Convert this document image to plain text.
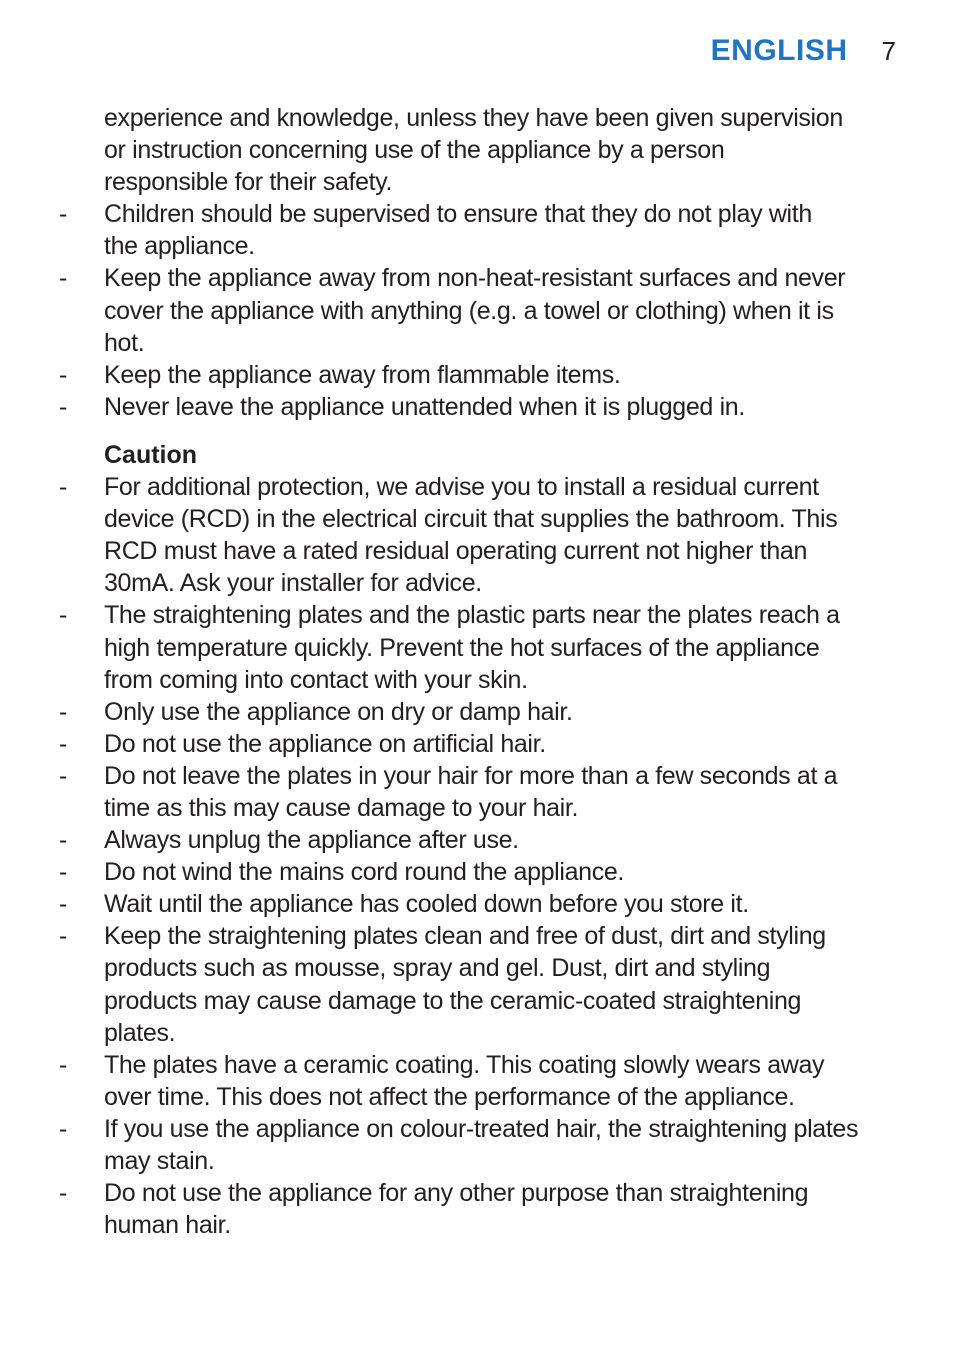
ENGLISH 7
experience and knowledge, unless they have been given supervision
or instruction concerning use of the appliance by a person
responsible for their safety.
- Children should be supervised to ensure that they do not play with
the appliance.
- Keep the appliance away from non-heat-resistant surfaces and never
cover the appliance with anything (e.g. a towel or clothing) when it is
hot.
- Keep the appliance away from flammable items.
- Never leave the appliance unattended when it is plugged in.
Caution
- For additional protection, we advise you to install a residual current
device (RCD) in the electrical circuit that supplies the bathroom. This
RCD must have a rated residual operating current not higher than
30mA. Ask your installer for advice.
- The straightening plates and the plastic parts near the plates reach a
high temperature quickly. Prevent the hot surfaces of the appliance
from coming into contact with your skin.
- Only use the appliance on dry or damp hair.
- Do not use the appliance on artificial hair.
- Do not leave the plates in your hair for more than a few seconds at a
time as this may cause damage to your hair.
- Always unplug the appliance after use.
- Do not wind the mains cord round the appliance.
- Wait until the appliance has cooled down before you store it.
- Keep the straightening plates clean and free of dust, dirt and styling
products such as mousse, spray and gel. Dust, dirt and styling
products may cause damage to the ceramic-coated straightening
plates.
- The plates have a ceramic coating. This coating slowly wears away
over time. This does not affect the performance of the appliance.
- If you use the appliance on colour-treated hair, the straightening plates
may stain.
- Do not use the appliance for any other purpose than straightening
human hair.
